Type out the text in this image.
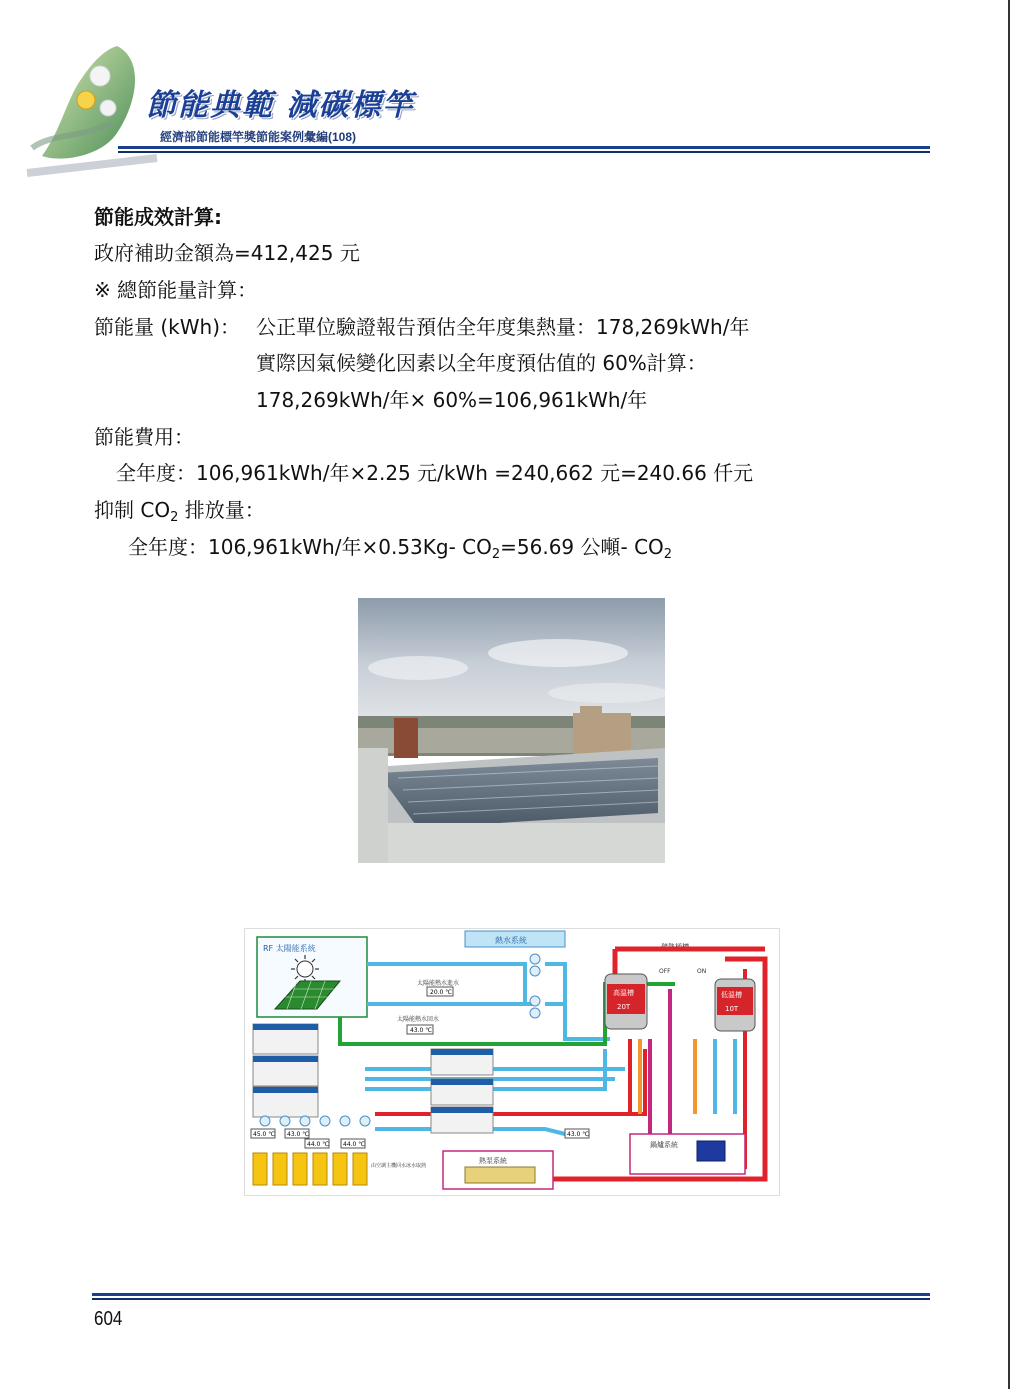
節能典範 減碳標竿
經濟部節能標竿獎節能案例彙編(108)
節能成效計算:
政府補助金額為=412,425 元
※ 總節能量計算：
節能量 (kWh)： 公正單位驗證報告預估全年度集熱量：178,269kWh/年
實際因氣候變化因素以全年度預估值的 60%計算：
178,269kWh/年× 60%=106,961kWh/年
節能費用：
全年度：106,961kWh/年×2.25 元/kWh =240,662 元=240.66 仟元
抑制 $CO_2$ 排放量：
全年度：106,961kWh/年×0.53Kg- $CO_2=56.69$ 公噸- $CO_2$
RF 太陽能系統
熱水系統
儲熱桶槽
太陽能熱水進水
20.0 ℃
太陽能熱水回水
43.0 ℃
高溫槽
20T
低溫槽
10T
OFF	ON
45.0 ℃ 43.0 ℃
44.0 ℃ 44.0 ℃
43.0 ℃
熱泵系統
由空調主機回水冰水取熱
鍋爐系統
604
